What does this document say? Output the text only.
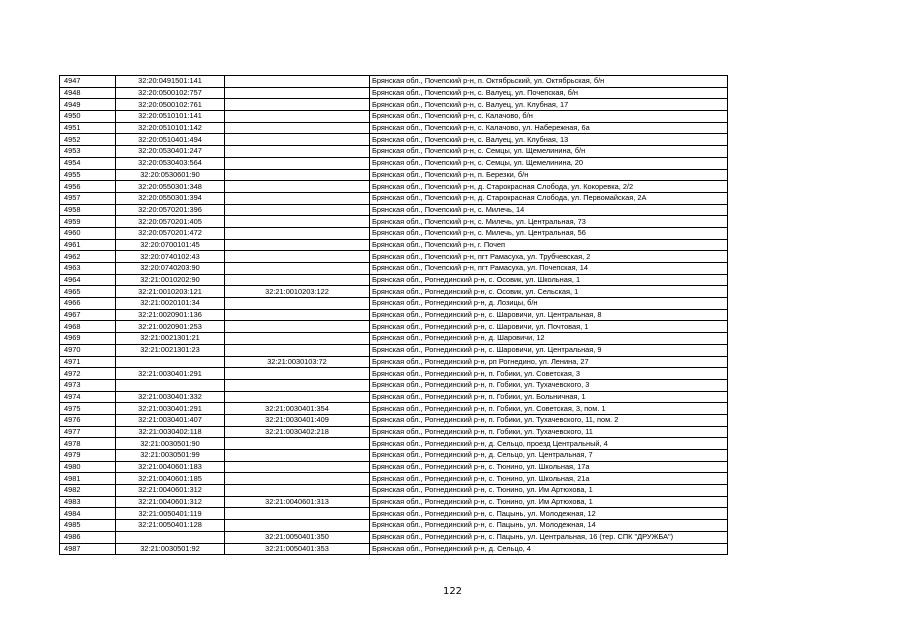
4947	32:20:0491501:141		Брянская обл., Почепский р-н, п. Октябрьский, ул. Октябрьская, б/н
4948	32:20:0500102:757		Брянская обл., Почепский р-н, с. Валуец, ул. Почепская, б/н
4949	32:20:0500102:761		Брянская обл., Почепский р-н, с. Валуец, ул. Клубная, 17
4950	32:20:0510101:141		Брянская обл., Почепский р-н, с. Калачово, б/н
4951	32:20:0510101:142		Брянская обл., Почепский р-н, с. Калачово, ул. Набережная, 6а
4952	32:20:0510401:494		Брянская обл., Почепский р-н, с. Валуец, ул. Клубная, 13
4953	32:20:0530401:247		Брянская обл., Почепский р-н, с. Семцы, ул. Щемелинина, б/н
4954	32:20:0530403:564		Брянская обл., Почепский р-н, с. Семцы, ул. Щемелинина, 20
4955	32:20:0530601:90		Брянская обл., Почепский р-н, п. Березки, б/н
4956	32:20:0550301:348		Брянская обл., Почепский р-н, д. Старокрасная Слобода, ул. Кокоревка, 2/2
4957	32:20:0550301:394		Брянская обл., Почепский р-н, д. Старокрасная Слобода, ул. Первомайская, 2А
4958	32:20:0570201:396		Брянская обл., Почепский р-н, с. Милечь, 14
4959	32:20:0570201:405		Брянская обл., Почепский р-н, с. Милечь, ул. Центральная, 73
4960	32:20:0570201:472		Брянская обл., Почепский р-н, с. Милечь, ул. Центральная, 56
4961	32:20:0700101:45		Брянская обл., Почепский р-н, г. Почеп
4962	32:20:0740102:43		Брянская обл., Почепский р-н, пгт Рамасуха, ул. Трубчевская, 2
4963	32:20:0740203:90		Брянская обл., Почепский р-н, пгт Рамасуха, ул. Почепская, 14
4964	32:21:0010202:90		Брянская обл., Рогнединский р-н, с. Осовик, ул. Школьная, 1
4965	32:21:0010203:121	32:21:0010203:122	Брянская обл., Рогнединский р-н, с. Осовик, ул. Сельская, 1
4966	32:21:0020101:34		Брянская обл., Рогнединский р-н, д. Лозицы, б/н
4967	32:21:0020901:136		Брянская обл., Рогнединский р-н, с. Шаровичи, ул. Центральная, 8
4968	32:21:0020901:253		Брянская обл., Рогнединский р-н, с. Шаровичи, ул. Почтовая, 1
4969	32:21:0021301:21		Брянская обл., Рогнединский р-н, д. Шаровичи, 12
4970	32:21:0021301:23		Брянская обл., Рогнединский р-н, с. Шаровичи, ул. Центральная, 9
4971		32:21:0030103:72	Брянская обл., Рогнединский р-н, рп Рогнедино, ул. Ленина, 27
4972	32:21:0030401:291		Брянская обл., Рогнединский р-н, п. Гобики, ул. Советская, 3
4973			Брянская обл., Рогнединский р-н, п. Гобики, ул. Тухачевского, 3
4974	32:21:0030401:332		Брянская обл., Рогнединский р-н, п. Гобики, ул. Больничная, 1
4975	32:21:0030401:291	32:21:0030401:354	Брянская обл., Рогнединский р-н, п. Гобики, ул. Советская, 3, пом. 1
4976	32:21:0030401:407	32:21:0030401:409	Брянская обл., Рогнединский р-н, п. Гобики, ул. Тухачевского, 11, пом. 2
4977	32:21:0030402:118	32:21:0030402:218	Брянская обл., Рогнединский р-н, п. Гобики, ул. Тухачевского, 11
4978	32:21:0030501:90		Брянская обл., Рогнединский р-н, д. Сельцо, проезд Центральный, 4
4979	32:21:0030501:99		Брянская обл., Рогнединский р-н, д. Сельцо, ул. Центральная, 7
4980	32:21:0040601:183		Брянская обл., Рогнединский р-н, с. Тюнино, ул. Школьная, 17а
4981	32:21:0040601:185		Брянская обл., Рогнединский р-н, с. Тюнино, ул. Школьная, 21а
4982	32:21:0040601:312		Брянская обл., Рогнединский р-н, с. Тюнино, ул. Им Артюхова, 1
4983	32:21:0040601:312	32:21:0040601:313	Брянская обл., Рогнединский р-н, с. Тюнино, ул. Им Артюхова, 1
4984	32:21:0050401:119		Брянская обл., Рогнединский р-н, с. Пацынь, ул. Молодежная, 12
4985	32:21:0050401:128		Брянская обл., Рогнединский р-н, с. Пацынь, ул. Молодежная, 14
4986		32:21:0050401:350	Брянская обл., Рогнединский р-н, с. Пацынь, ул. Центральная, 16 (тер. СПК "ДРУЖБА")
4987	32:21:0030501:92	32:21:0050401:353	Брянская обл., Рогнединский р-н, д. Сельцо, 4
122
